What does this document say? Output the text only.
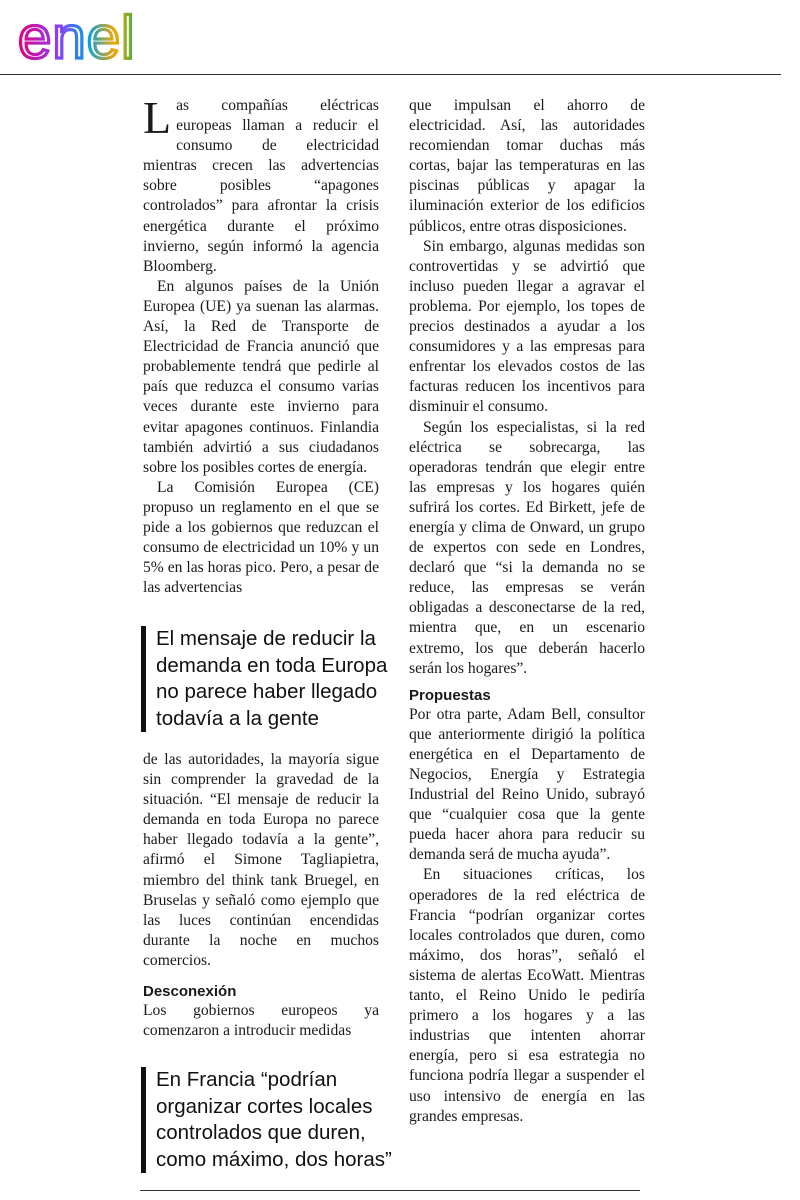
enel

Las compañías eléctricas europeas llaman a reducir el consumo de electricidad mientras crecen las advertencias sobre posibles “apagones controlados” para afrontar la crisis energética durante el próximo invierno, según informó la agencia Bloomberg.

En algunos países de la Unión Europea (UE) ya suenan las alarmas. Así, la Red de Transporte de Electricidad de Francia anunció que probablemente tendrá que pedirle al país que reduzca el consumo varias veces durante este invierno para evitar apagones continuos. Finlandia también advirtió a sus ciudadanos sobre los posibles cortes de energía.

La Comisión Europea (CE) propuso un reglamento en el que se pide a los gobiernos que reduzcan el consumo de electricidad un 10% y un 5% en las horas pico. Pero, a pesar de las advertencias

El mensaje de reducir la demanda en toda Europa no parece haber llegado todavía a la gente

de las autoridades, la mayoría sigue sin comprender la gravedad de la situación. “El mensaje de reducir la demanda en toda Europa no parece haber llegado todavía a la gente”, afirmó el Simone Tagliapietra, miembro del think tank Bruegel, en Bruselas y señaló como ejemplo que las luces continúan encendidas durante la noche en muchos comercios.

Desconexión

Los gobiernos europeos ya comenzaron a introducir medidas

En Francia “podrían organizar cortes locales controlados que duren, como máximo, dos horas”

que impulsan el ahorro de electricidad. Así, las autoridades recomiendan tomar duchas más cortas, bajar las temperaturas en las piscinas públicas y apagar la iluminación exterior de los edificios públicos, entre otras disposiciones.

Sin embargo, algunas medidas son controvertidas y se advirtió que incluso pueden llegar a agravar el problema. Por ejemplo, los topes de precios destinados a ayudar a los consumidores y a las empresas para enfrentar los elevados costos de las facturas reducen los incentivos para disminuir el consumo.

Según los especialistas, si la red eléctrica se sobrecarga, las operadoras tendrán que elegir entre las empresas y los hogares quién sufrirá los cortes. Ed Birkett, jefe de energía y clima de Onward, un grupo de expertos con sede en Londres, declaró que “si la demanda no se reduce, las empresas se verán obligadas a desconectarse de la red, mientra que, en un escenario extremo, los que deberán hacerlo serán los hogares”.

Propuestas

Por otra parte, Adam Bell, consultor que anteriormente dirigió la política energética en el Departamento de Negocios, Energía y Estrategia Industrial del Reino Unido, subrayó que “cualquier cosa que la gente pueda hacer ahora para reducir su demanda será de mucha ayuda”.

En situaciones críticas, los operadores de la red eléctrica de Francia “podrían organizar cortes locales controlados que duren, como máximo, dos horas”, señaló el sistema de alertas EcoWatt. Mientras tanto, el Reino Unido le pediría primero a los hogares y a las industrias que intenten ahorrar energía, pero si esa estrategia no funciona podría llegar a suspender el uso intensivo de energía en las grandes empresas.
